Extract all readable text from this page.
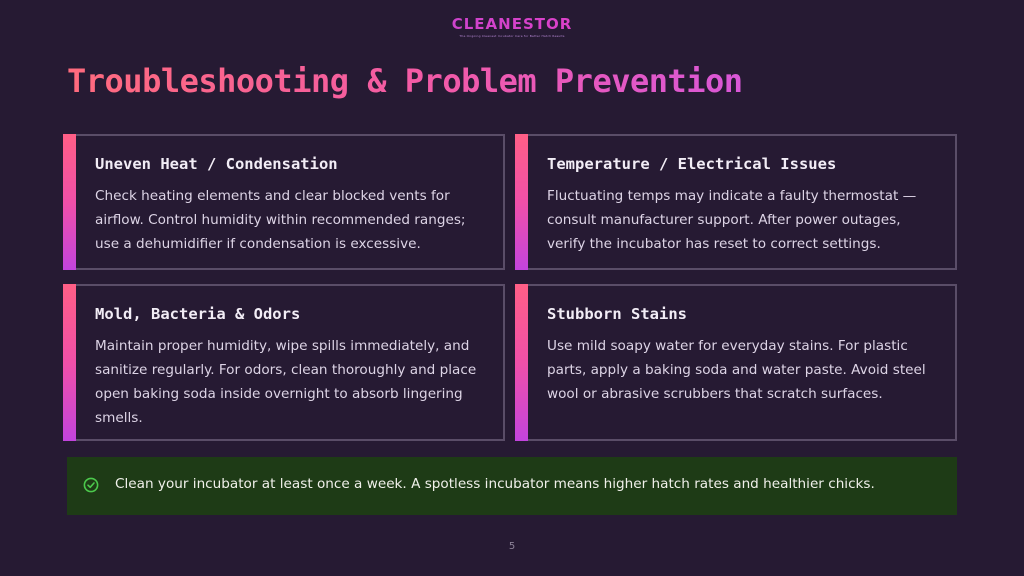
CLEANESTOR
The Ongoing Cleanest Incubator Care for Better Hatch Results
Troubleshooting & Problem Prevention
Uneven Heat / Condensation
Check heating elements and clear blocked vents for airflow. Control humidity within recommended ranges; use a dehumidifier if condensation is excessive.
Temperature / Electrical Issues
Fluctuating temps may indicate a faulty thermostat — consult manufacturer support. After power outages, verify the incubator has reset to correct settings.
Mold, Bacteria & Odors
Maintain proper humidity, wipe spills immediately, and sanitize regularly. For odors, clean thoroughly and place open baking soda inside overnight to absorb lingering smells.
Stubborn Stains
Use mild soapy water for everyday stains. For plastic parts, apply a baking soda and water paste. Avoid steel wool or abrasive scrubbers that scratch surfaces.
Clean your incubator at least once a week. A spotless incubator means higher hatch rates and healthier chicks.
5
